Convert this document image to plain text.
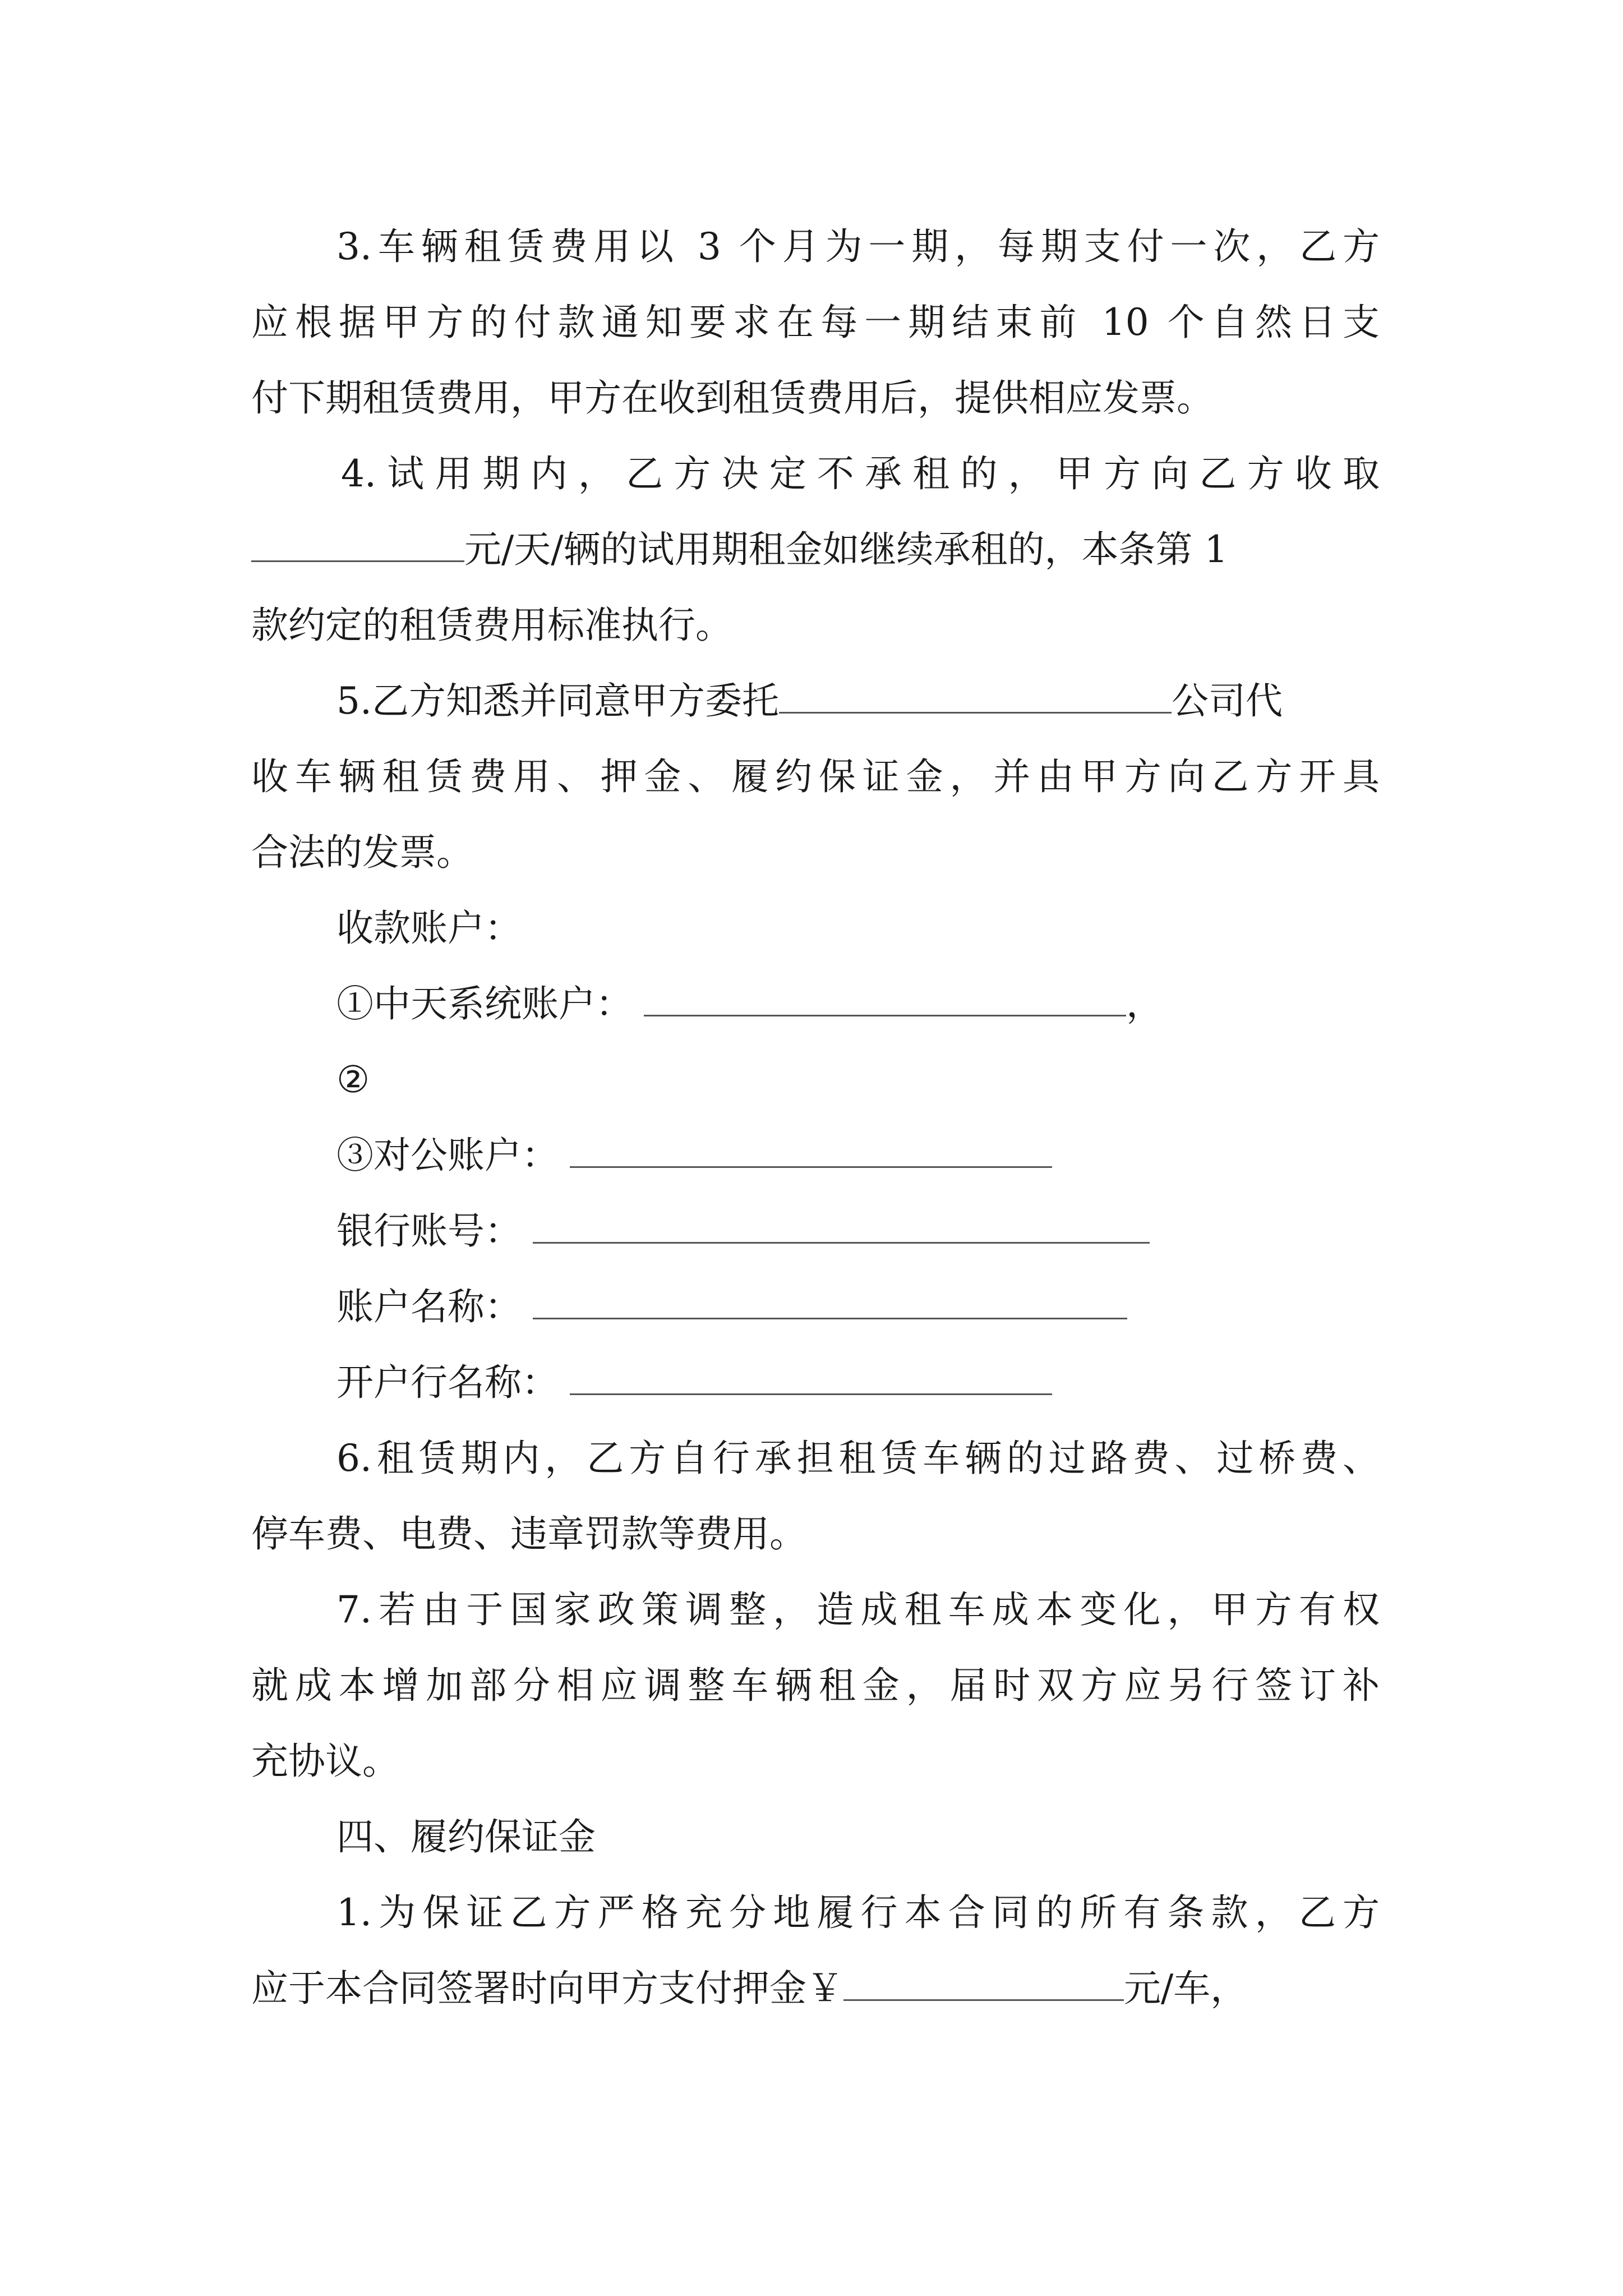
3.车辆租赁费用以 3 个月为一期，每期支付一次，乙方
应根据甲方的付款通知要求在每一期结束前 10 个自然日支
付下期租赁费用，甲方在收到租赁费用后，提供相应发票。
4.试用期内，乙方决定不承租的，甲方向乙方收取
元/天/辆的试用期租金如继续承租的，本条第 1
款约定的租赁费用标准执行。
5.乙方知悉并同意甲方委托	公司代
收车辆租赁费用、押金、履约保证金，并由甲方向乙方开具
合法的发票。
收款账户：
①中天系统账户：	，
②
③对公账户：
银行账号：
账户名称：
开户行名称：
6.租赁期内，乙方自行承担租赁车辆的过路费、过桥费、
停车费、电费、违章罚款等费用。
7.若由于国家政策调整，造成租车成本变化，甲方有权
就成本增加部分相应调整车辆租金，届时双方应另行签订补
充协议。
四、履约保证金
1.为保证乙方严格充分地履行本合同的所有条款，乙方
应于本合同签署时向甲方支付押金￥	元/车，
